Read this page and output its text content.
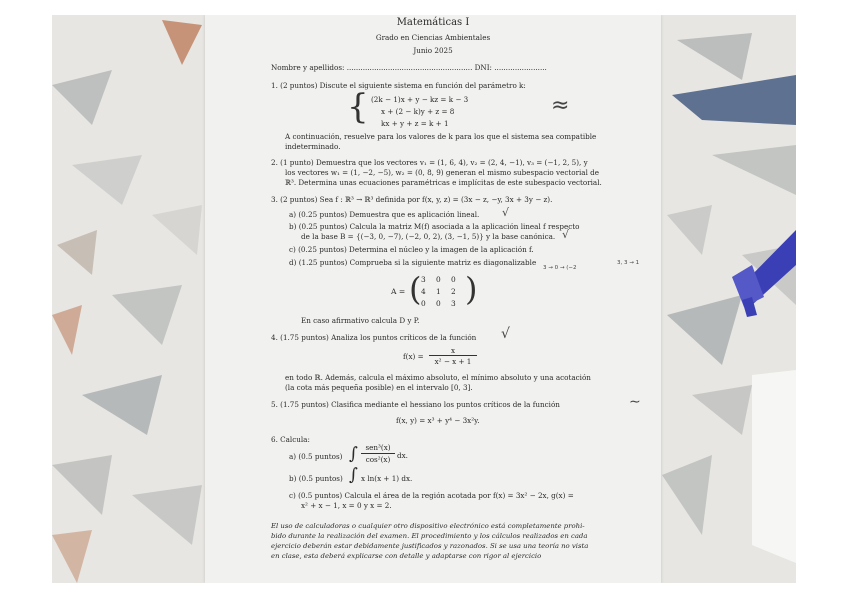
Matemáticas I
Grado en Ciencias Ambientales
Junio 2025
Nombre y apellidos: ....................................................... DNI: .......................
1. (2 puntos) Discute el siguiente sistema en función del parámetro k:
{ (2k − 1)x + y − kz = k − 3
x + (2 − k)y + z = 8
kx + y + z = k + 1
≈
A continuación, resuelve para los valores de k para los que el sistema sea compatible
indeterminado.
2. (1 punto) Demuestra que los vectores v₁ = (1, 6, 4), v₂ = (2, 4, −1), v₃ = (−1, 2, 5), y
los vectores w₁ = (1, −2, −5), w₂ = (0, 8, 9) generan el mismo subespacio vectorial de
ℝ³. Determina unas ecuaciones paramétricas e implícitas de este subespacio vectorial.
3. (2 puntos) Sea f : ℝ³ → ℝ³ definida por f(x, y, z) = (3x − z, −y, 3x + 3y − z).
a) (0.25 puntos) Demuestra que es aplicación lineal. √
b) (0.25 puntos) Calcula la matriz M(f) asociada a la aplicación lineal f respecto
de la base B = {(−3, 0, −7), (−2, 0, 2), (3, −1, 5)} y la base canónica. √
c) (0.25 puntos) Determina el núcleo y la imagen de la aplicación f.
d) (1.25 puntos) Comprueba si la siguiente matriz es diagonalizable
3 → 0 → (−2
3, 3 → 1
A = ( )
3 0 0
4 1 2
0 0 3
En caso afirmativo calcula D y P.
4. (1.75 puntos) Analiza los puntos críticos de la función √
f(x) =
x
x² − x + 1
en todo ℝ. Además, calcula el máximo absoluto, el mínimo absoluto y una acotación
(la cota más pequeña posible) en el intervalo [0, 3].
5. (1.75 puntos) Clasifica mediante el hessiano los puntos críticos de la función	∼
f(x, y) = x³ + y⁴ − 3x²y.
6. Calcula:
a) (0.5 puntos) ∫	sen³(x)
cos²(x) dx.
b) (0.5 puntos) ∫ x ln(x + 1) dx.
c) (0.5 puntos) Calcula el área de la región acotada por f(x) = 3x² − 2x, g(x) =
x² + x − 1, x = 0 y x = 2.
El uso de calculadoras o cualquier otro dispositivo electrónico está completamente prohi-
bido durante la realización del examen. El procedimiento y los cálculos realizados en cada
ejercicio deberán estar debidamente justificados y razonados. Si se usa una teoría no vista
en clase, esta deberá explicarse con detalle y adaptarse con rigor al ejercicio
